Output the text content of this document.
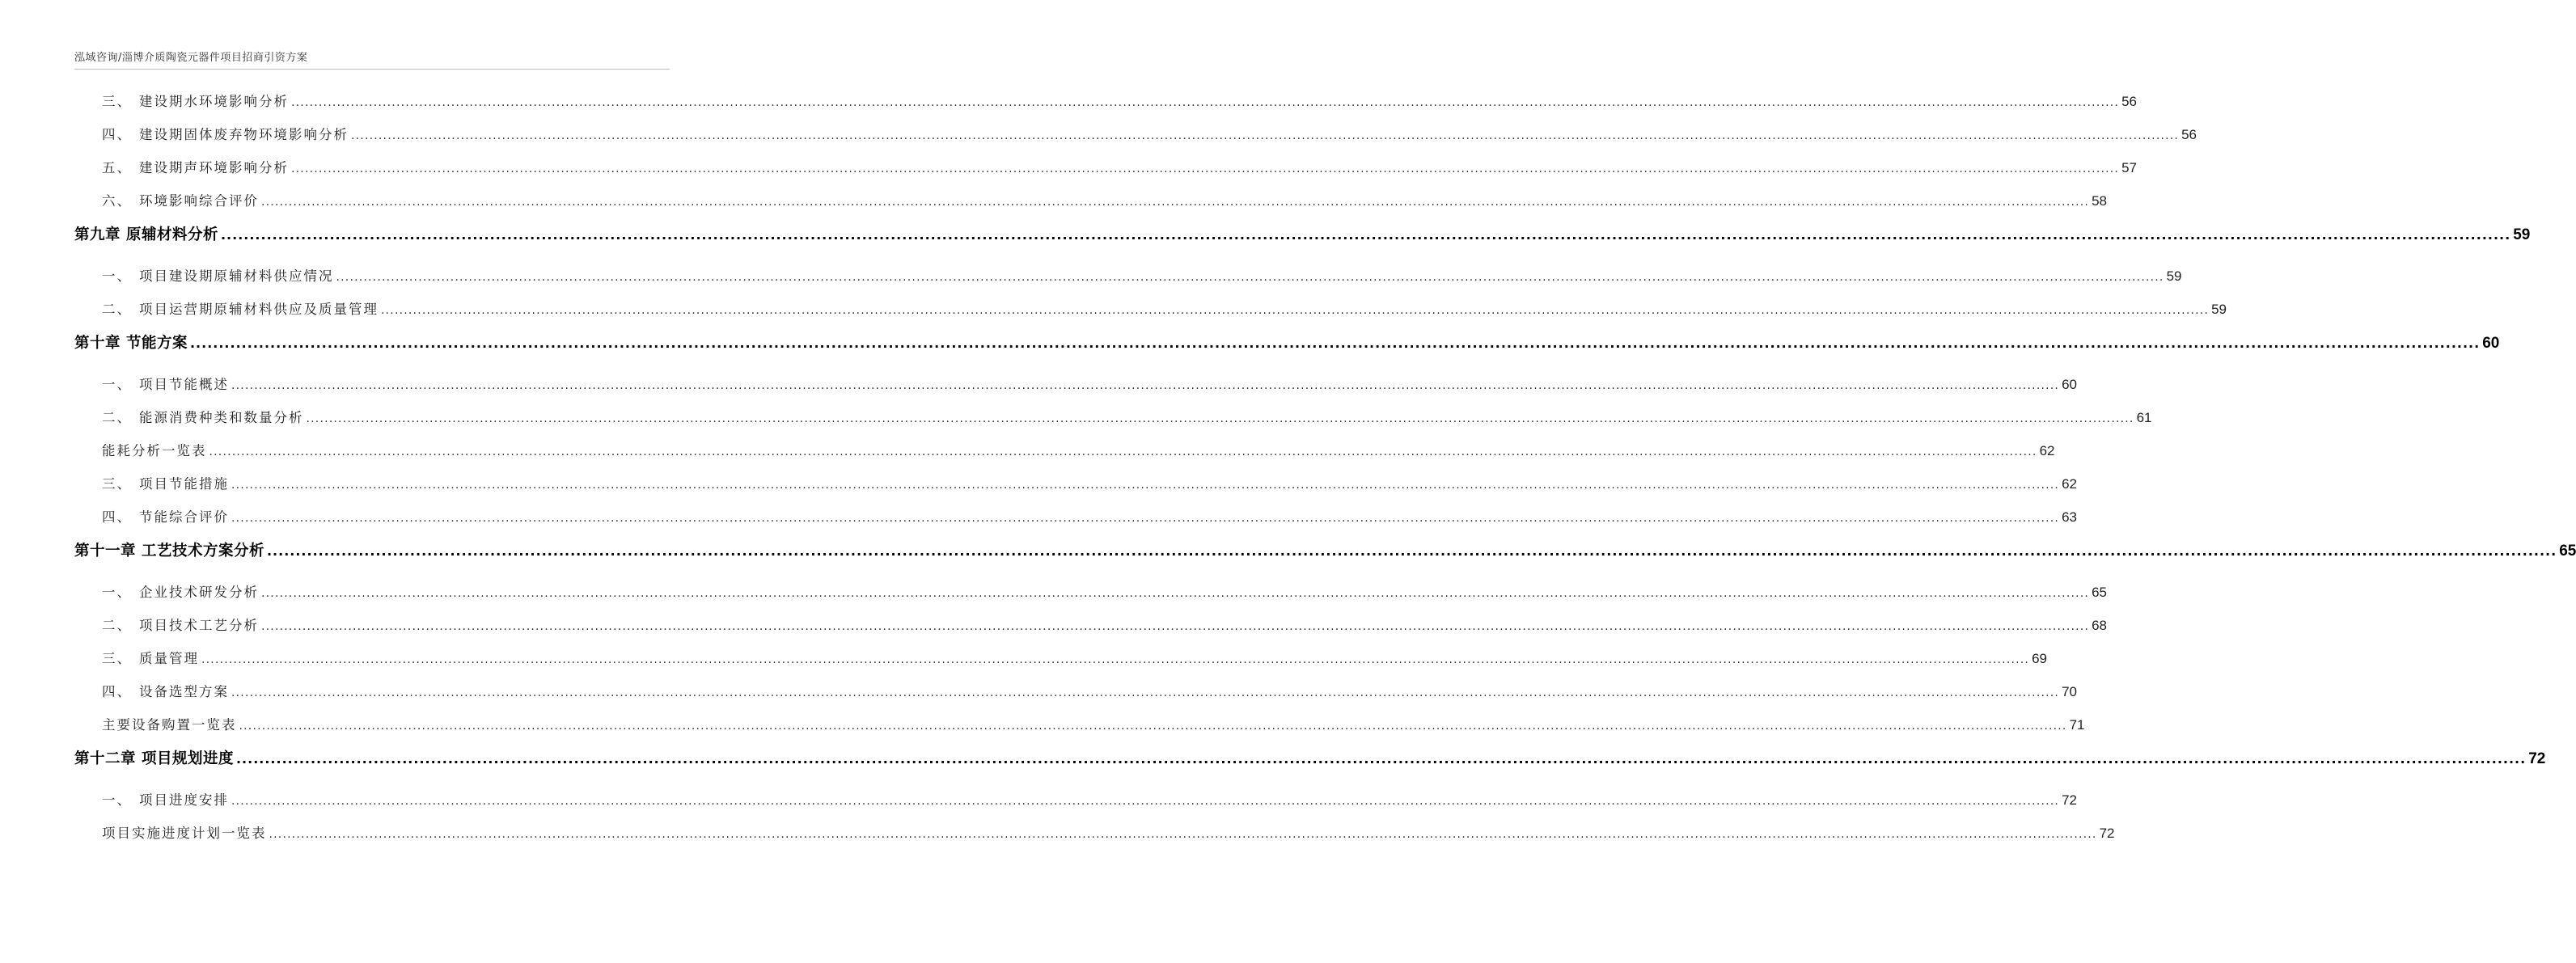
泓域咨询/淄博介质陶瓷元器件项目招商引资方案
三、 建设期水环境影响分析 ................................................................................................................................................................................................................................................................................................................................................................................................................ 56
四、 建设期固体废弃物环境影响分析 ................................................................................................................................................................................................................................................................................................................................................................................................................ 56
五、 建设期声环境影响分析 ................................................................................................................................................................................................................................................................................................................................................................................................................ 57
六、 环境影响综合评价 ................................................................................................................................................................................................................................................................................................................................................................................................................ 58
第九章 原辅材料分析 ................................................................................................................................................................................................................................................................................................................................................................................................................ 59
一、 项目建设期原辅材料供应情况 ................................................................................................................................................................................................................................................................................................................................................................................................................ 59
二、 项目运营期原辅材料供应及质量管理 ................................................................................................................................................................................................................................................................................................................................................................................................................ 59
第十章 节能方案 ................................................................................................................................................................................................................................................................................................................................................................................................................ 60
一、 项目节能概述 ................................................................................................................................................................................................................................................................................................................................................................................................................ 60
二、 能源消费种类和数量分析 ................................................................................................................................................................................................................................................................................................................................................................................................................ 61
能耗分析一览表 ................................................................................................................................................................................................................................................................................................................................................................................................................ 62
三、 项目节能措施 ................................................................................................................................................................................................................................................................................................................................................................................................................ 62
四、 节能综合评价 ................................................................................................................................................................................................................................................................................................................................................................................................................ 63
第十一章 工艺技术方案分析 ................................................................................................................................................................................................................................................................................................................................................................................................................ 65
一、 企业技术研发分析 ................................................................................................................................................................................................................................................................................................................................................................................................................ 65
二、 项目技术工艺分析 ................................................................................................................................................................................................................................................................................................................................................................................................................ 68
三、 质量管理 ................................................................................................................................................................................................................................................................................................................................................................................................................ 69
四、 设备选型方案 ................................................................................................................................................................................................................................................................................................................................................................................................................ 70
主要设备购置一览表 ................................................................................................................................................................................................................................................................................................................................................................................................................ 71
第十二章 项目规划进度 ................................................................................................................................................................................................................................................................................................................................................................................................................ 72
一、 项目进度安排 ................................................................................................................................................................................................................................................................................................................................................................................................................ 72
项目实施进度计划一览表 ................................................................................................................................................................................................................................................................................................................................................................................................................ 72
